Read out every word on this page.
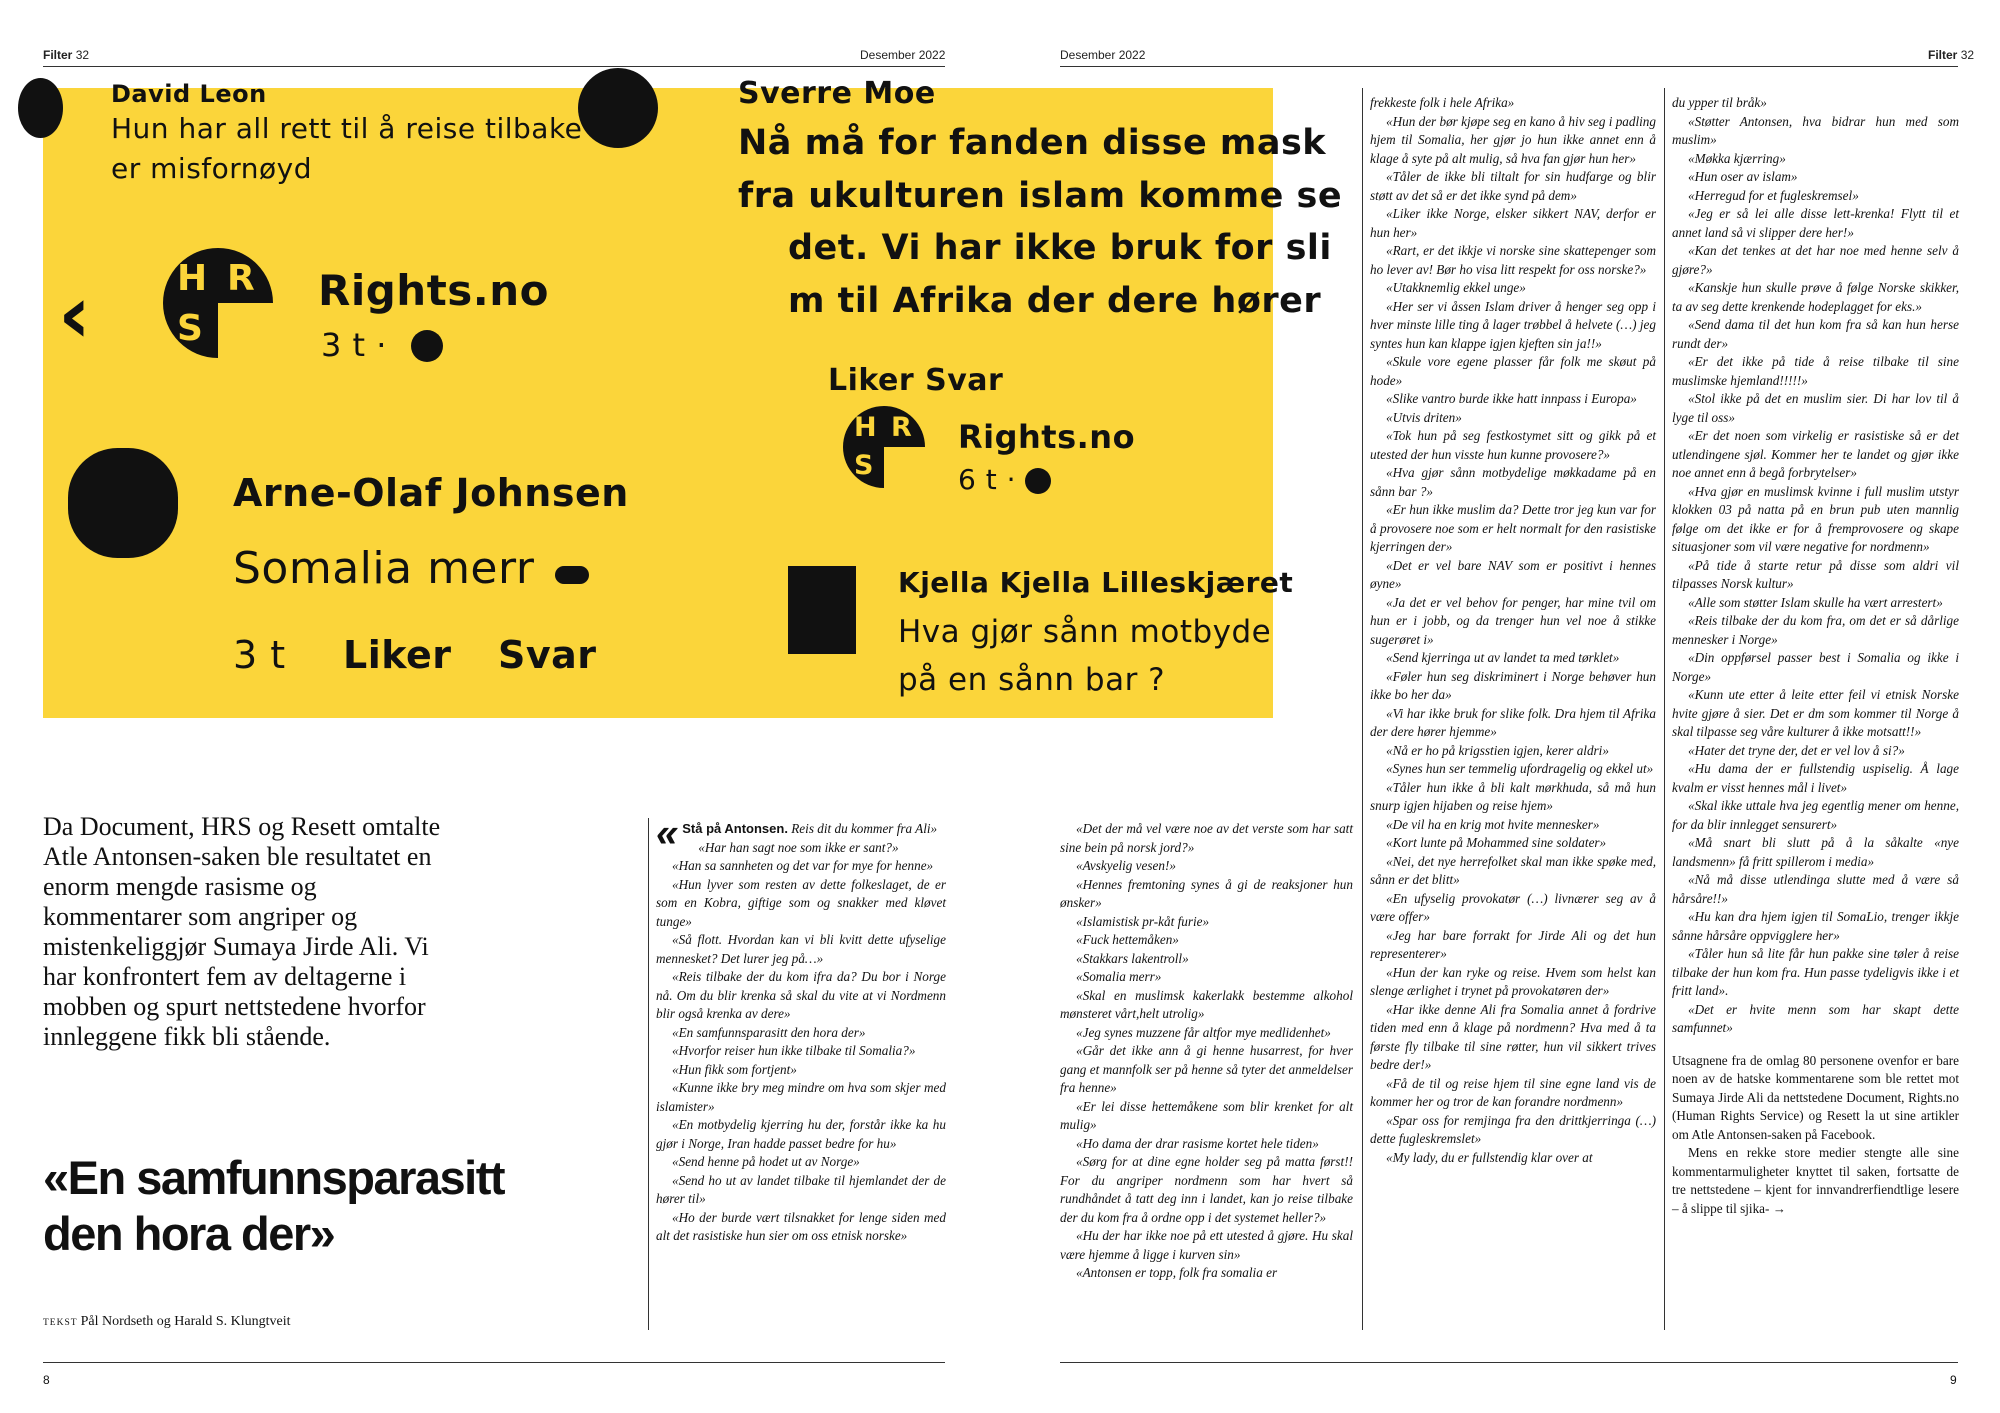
Filter 32	Desember 2022	Desember 2022	Filter 32
David Leon
Hun har all rett til å reise tilbake
er misfornøyd
Sverre Moe
Nå må for fanden disse mask
fra ukulturen islam komme se
det. Vi har ikke bruk for sli
m til Afrika der dere hører
‹ H R
S
Rights.no
3 t ·
Liker Svar
H R
S
Rights.no
6 t ·
Arne-Olaf Johnsen
Somalia merr
3 t Liker Svar
Kjella Kjella Lilleskjæret
Hva gjør sånn motbyde
på en sånn bar ?
Da Document, HRS og Resett omtalte Atle Antonsen-saken ble resultatet en enorm mengde rasisme og kommentarer som angriper og mistenkeliggjør Sumaya Jirde Ali. Vi har konfrontert fem av deltagerne i mobben og spurt nettstedene hvorfor innleggene fikk bli stående.
«En samfunnsparasitt
den hora der»
TEKST Pål Nordseth og Harald S. Klungtveit
« Stå på Antonsen. Reis dit du kommer fra Ali»
«Har han sagt noe som ikke er sant?»
«Han sa sannheten og det var for mye for henne»
«Hun lyver som resten av dette folkeslaget, de er som en Kobra, giftige som og snakker med kløvet tunge»
«Så flott. Hvordan kan vi bli kvitt dette ufyselige mennesket? Det lurer jeg på…»
«Reis tilbake der du kom ifra da? Du bor i Norge nå. Om du blir krenka så skal du vite at vi Nordmenn blir også krenka av dere»
«En samfunnsparasitt den hora der»
«Hvorfor reiser hun ikke tilbake til Somalia?»
«Hun fikk som fortjent»
«Kunne ikke bry meg mindre om hva som skjer med islamister»
«En motbydelig kjerring hu der, forstår ikke ka hu gjør i Norge, Iran hadde passet bedre for hu»
«Send henne på hodet ut av Norge»
«Send ho ut av landet tilbake til hjemlandet der de hører til»
«Ho der burde vært tilsnakket for lenge siden med alt det rasistiske hun sier om oss etnisk norske»
«Det der må vel være noe av det verste som har satt sine bein på norsk jord?»
«Avskyelig vesen!»
«Hennes fremtoning synes å gi de reaksjoner hun ønsker»
«Islamistisk pr-kåt furie»
«Fuck hettemåken»
«Stakkars lakentroll»
«Somalia merr»
«Skal en muslimsk kakerlakk bestemme alkohol mønsteret vårt,helt utrolig»
«Jeg synes muzzene får altfor mye medlidenhet»
«Går det ikke ann å gi henne husarrest, for hver gang et mannfolk ser på henne så tyter det anmeldelser fra henne»
«Er lei disse hettemåkene som blir krenket for alt mulig»
«Ho dama der drar rasisme kortet hele tiden»
«Sørg for at dine egne holder seg på matta først!! For du angriper nordmenn som har hvert så rundhåndet å tatt deg inn i landet, kan jo reise tilbake der du kom fra å ordne opp i det systemet heller?»
«Hu der har ikke noe på ett utested å gjøre. Hu skal være hjemme å ligge i kurven sin»
«Antonsen er topp, folk fra somalia er
frekkeste folk i hele Afrika»
«Hun der bør kjøpe seg en kano å hiv seg i padling hjem til Somalia, her gjør jo hun ikke annet enn å klage å syte på alt mulig, så hva fan gjør hun her»
«Tåler de ikke bli tiltalt for sin hudfarge og blir støtt av det så er det ikke synd på dem»
«Liker ikke Norge, elsker sikkert NAV, derfor er hun her»
«Rart, er det ikkje vi norske sine skattepenger som ho lever av! Bør ho visa litt respekt for oss norske?»
«Utakknemlig ekkel unge»
«Her ser vi åssen Islam driver å henger seg opp i hver minste lille ting å lager trøbbel å helvete (…) jeg syntes hun kan klappe igjen kjeften sin ja!!»
«Skule vore egene plasser får folk me skøut på hode»
«Slike vantro burde ikke hatt innpass i Europa»
«Utvis driten»
«Tok hun på seg festkostymet sitt og gikk på et utested der hun visste hun kunne provosere?»
«Hva gjør sånn motbydelige møkkadame på en sånn bar ?»
«Er hun ikke muslim da? Dette tror jeg kun var for å provosere noe som er helt normalt for den rasistiske kjerringen der»
«Det er vel bare NAV som er positivt i hennes øyne»
«Ja det er vel behov for penger, har mine tvil om hun er i jobb, og da trenger hun vel noe å stikke sugerøret i»
«Send kjerringa ut av landet ta med tørklet»
«Føler hun seg diskriminert i Norge behøver hun ikke bo her da»
«Vi har ikke bruk for slike folk. Dra hjem til Afrika der dere hører hjemme»
«Nå er ho på krigsstien igjen, kerer aldri»
«Synes hun ser temmelig ufordragelig og ekkel ut»
«Tåler hun ikke å bli kalt mørkhuda, så må hun snurp igjen hijaben og reise hjem»
«De vil ha en krig mot hvite mennesker»
«Kort lunte på Mohammed sine soldater»
«Nei, det nye herrefolket skal man ikke spøke med, sånn er det blitt»
«En ufyselig provokatør (…) livnærer seg av å være offer»
«Jeg har bare forrakt for Jirde Ali og det hun representerer»
«Hun der kan ryke og reise. Hvem som helst kan slenge ærlighet i trynet på provokatøren der»
«Har ikke denne Ali fra Somalia annet å fordrive tiden med enn å klage på nordmenn? Hva med å ta første fly tilbake til sine røtter, hun vil sikkert trives bedre der!»
«Få de til og reise hjem til sine egne land vis de kommer her og tror de kan forandre nordmenn»
«Spar oss for remjinga fra den drittkjerringa (…) dette fugleskremslet»
«My lady, du er fullstendig klar over at
du ypper til bråk»
«Støtter Antonsen, hva bidrar hun med som muslim»
«Møkka kjærring»
«Hun oser av islam»
«Herregud for et fugleskremsel»
«Jeg er så lei alle disse lett-krenka! Flytt til et annet land så vi slipper dere her!»
«Kan det tenkes at det har noe med henne selv å gjøre?»
«Kanskje hun skulle prøve å følge Norske skikker, ta av seg dette krenkende hodeplagget for eks.»
«Send dama til det hun kom fra så kan hun herse rundt der»
«Er det ikke på tide å reise tilbake til sine muslimske hjemland!!!!!»
«Stol ikke på det en muslim sier. Di har lov til å lyge til oss»
«Er det noen som virkelig er rasistiske så er det utlendingene sjøl. Kommer her te landet og gjør ikke noe annet enn å begå forbrytelser»
«Hva gjør en muslimsk kvinne i full muslim utstyr klokken 03 på natta på en brun pub uten mannlig følge om det ikke er for å fremprovosere og skape situasjoner som vil være negative for nordmenn»
«På tide å starte retur på disse som aldri vil tilpasses Norsk kultur»
«Alle som støtter Islam skulle ha vært arrestert»
«Reis tilbake der du kom fra, om det er så dårlige mennesker i Norge»
«Din oppførsel passer best i Somalia og ikke i Norge»
«Kunn ute etter å leite etter feil vi etnisk Norske hvite gjøre å sier. Det er dm som kommer til Norge å skal tilpasse seg våre kulturer å ikke motsatt!!»
«Hater det tryne der, det er vel lov å si?»
«Hu dama der er fullstendig uspiselig. Å lage kvalm er visst hennes mål i livet»
«Skal ikke uttale hva jeg egentlig mener om henne, for da blir innlegget sensurert»
«Må snart bli slutt på å la såkalte «nye landsmenn» få fritt spillerom i media»
«Nå må disse utlendinga slutte med å være så hårsåre!!»
«Hu kan dra hjem igjen til SomaLio, trenger ikkje sånne hårsåre oppvigglere her»
«Tåler hun så lite får hun pakke sine tøler å reise tilbake der hun kom fra. Hun passe tydeligvis ikke i et fritt land».
«Det er hvite menn som har skapt dette samfunnet»
Utsagnene fra de omlag 80 personene ovenfor er bare noen av de hatske kommentarene som ble rettet mot Sumaya Jirde Ali da nettstedene Document, Rights.no (Human Rights Service) og Resett la ut sine artikler om Atle Antonsen-saken på Facebook.
Mens en rekke store medier stengte alle sine kommentarmuligheter knyttet til saken, fortsatte de tre nettstedene – kjent for innvandrerfiendtlige lesere – å slippe til sjika- →
8	9
